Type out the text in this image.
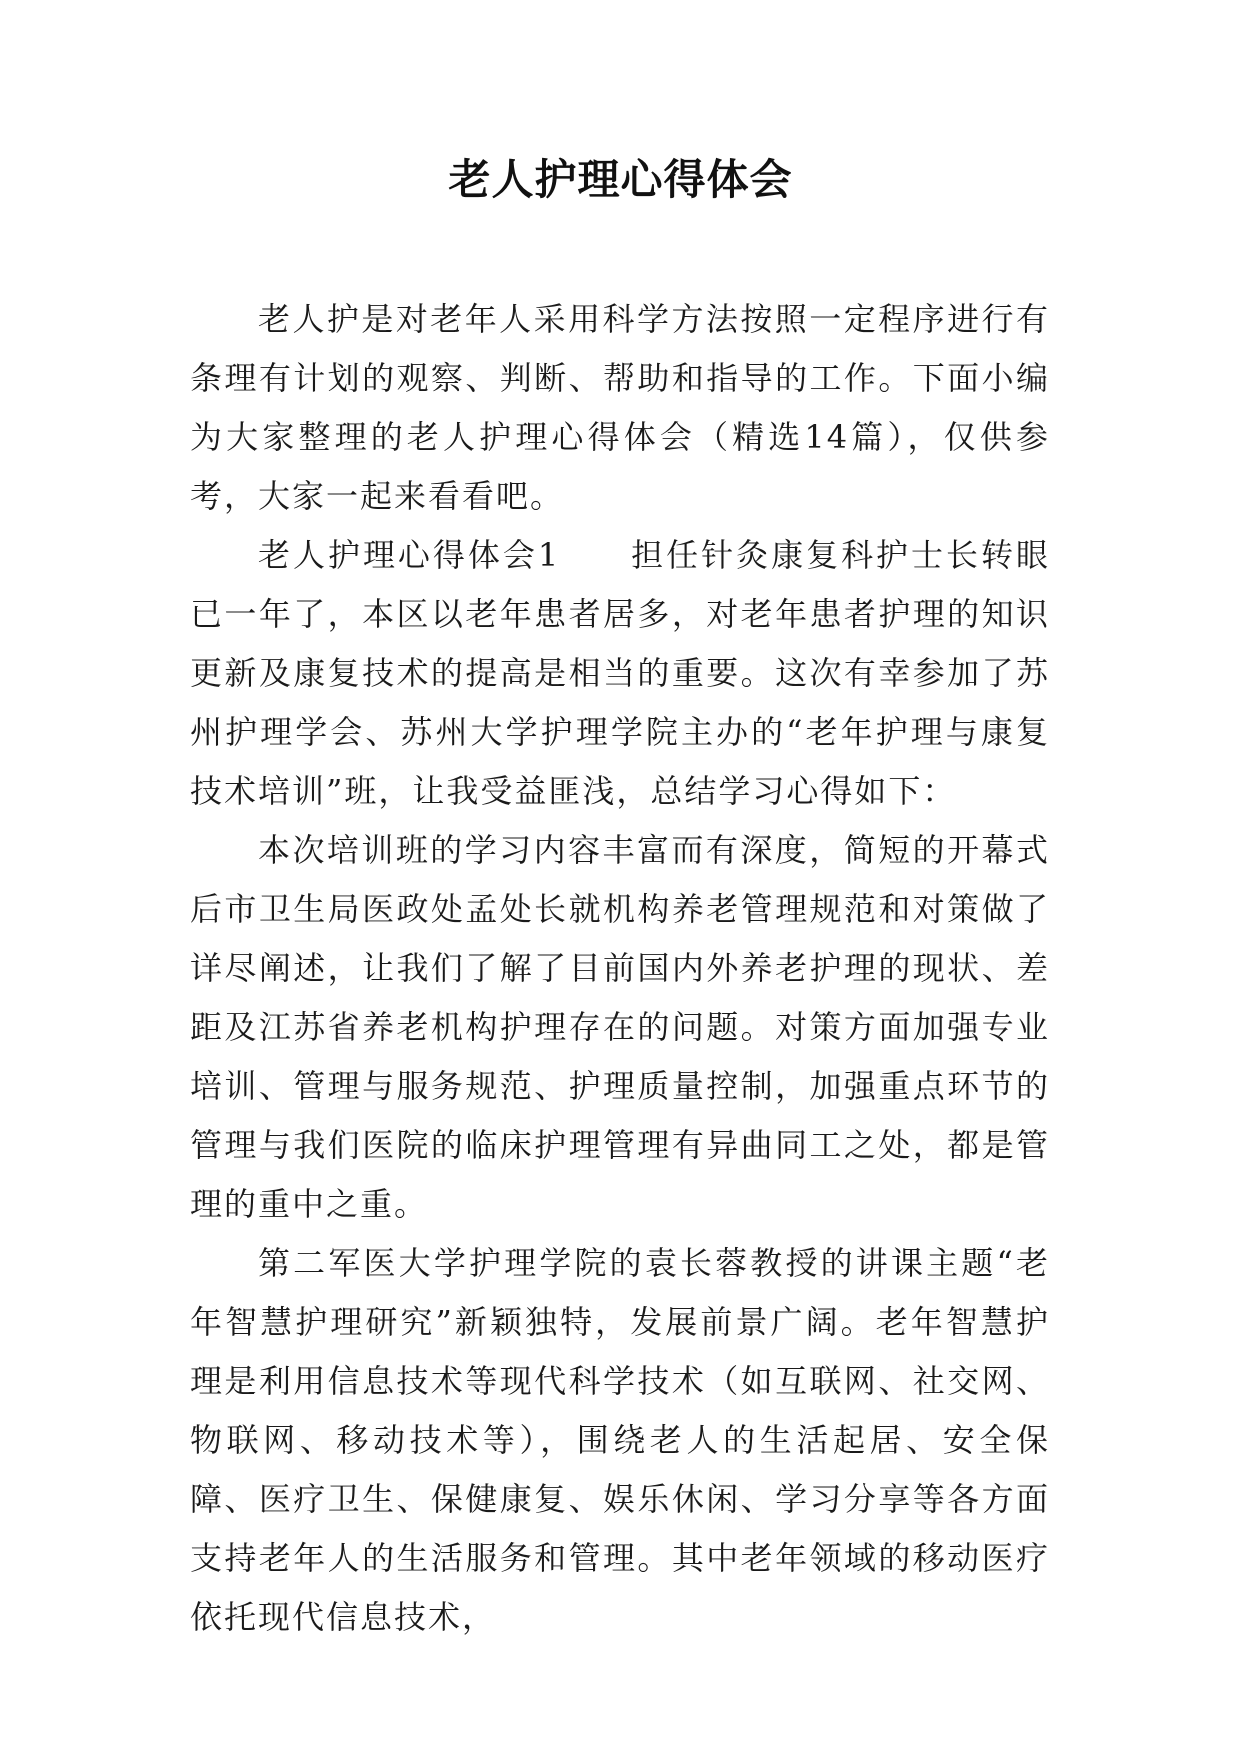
老人护理心得体会

老人护是对老年人采用科学方法按照一定程序进行有条理有计划的观察、判断、帮助和指导的工作。下面小编为大家整理的老人护理心得体会（精选14篇），仅供参考，大家一起来看看吧。

老人护理心得体会1　　担任针灸康复科护士长转眼已一年了，本区以老年患者居多，对老年患者护理的知识更新及康复技术的提高是相当的重要。这次有幸参加了苏州护理学会、苏州大学护理学院主办的“老年护理与康复技术培训”班，让我受益匪浅，总结学习心得如下：

本次培训班的学习内容丰富而有深度，简短的开幕式后市卫生局医政处孟处长就机构养老管理规范和对策做了详尽阐述，让我们了解了目前国内外养老护理的现状、差距及江苏省养老机构护理存在的问题。对策方面加强专业培训、管理与服务规范、护理质量控制，加强重点环节的管理与我们医院的临床护理管理有异曲同工之处，都是管理的重中之重。

第二军医大学护理学院的袁长蓉教授的讲课主题“老年智慧护理研究”新颖独特，发展前景广阔。老年智慧护理是利用信息技术等现代科学技术（如互联网、社交网、物联网、移动技术等），围绕老人的生活起居、安全保障、医疗卫生、保健康复、娱乐休闲、学习分享等各方面支持老年人的生活服务和管理。其中老年领域的移动医疗依托现代信息技术，
